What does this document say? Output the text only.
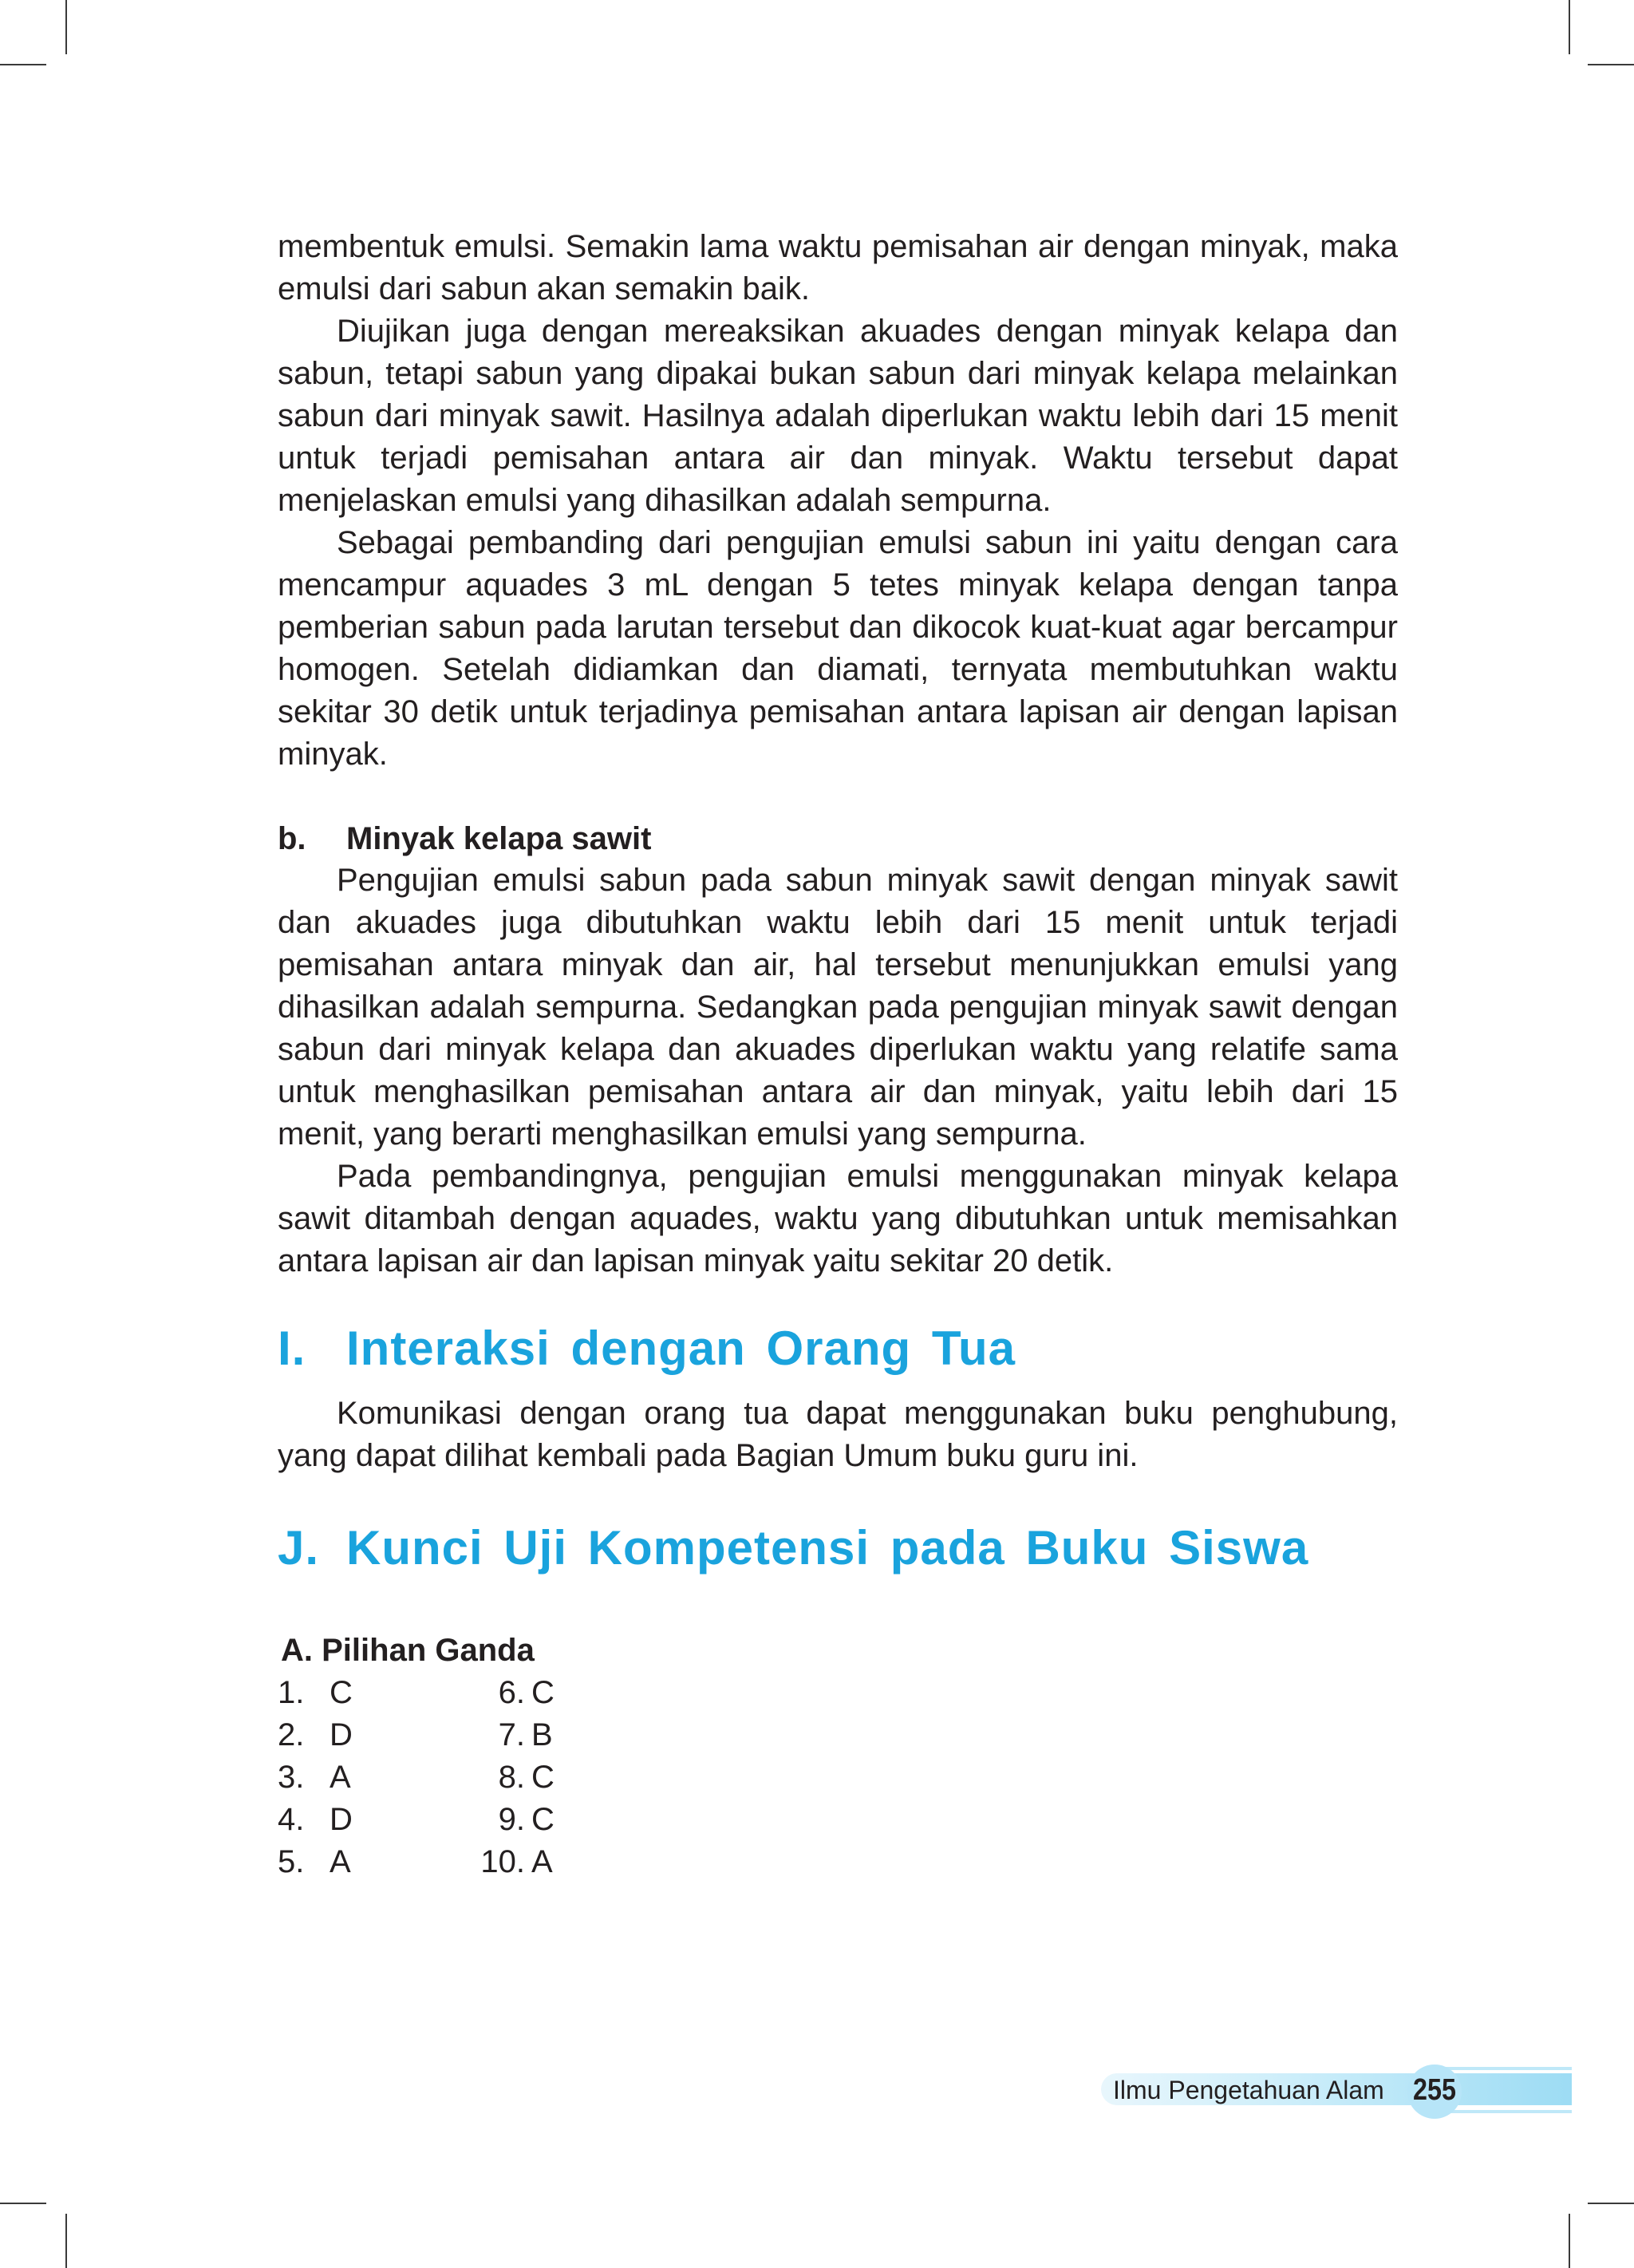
membentuk emulsi. Semakin lama waktu pemisahan air dengan minyak, maka emulsi dari sabun akan semakin baik.

Diujikan juga dengan mereaksikan akuades dengan minyak kelapa dan sabun, tetapi sabun yang dipakai bukan sabun dari minyak kelapa melainkan sabun dari minyak sawit. Hasilnya adalah diperlukan waktu lebih dari 15 menit untuk terjadi pemisahan antara air dan minyak. Waktu tersebut dapat menjelaskan emulsi yang dihasilkan adalah sempurna.

Sebagai pembanding dari pengujian emulsi sabun ini yaitu dengan cara mencampur aquades 3 mL dengan 5 tetes minyak kelapa dengan tanpa pemberian sabun pada larutan tersebut dan dikocok kuat-kuat agar bercampur homogen. Setelah didiamkan dan diamati, ternyata membutuhkan waktu sekitar 30 detik untuk terjadinya pemisahan antara lapisan air dengan lapisan minyak.

b. Minyak kelapa sawit

Pengujian emulsi sabun pada sabun minyak sawit dengan minyak sawit dan akuades juga dibutuhkan waktu lebih dari 15 menit untuk terjadi pemisahan antara minyak dan air, hal tersebut menunjukkan emulsi yang dihasilkan adalah sempurna. Sedangkan pada pengujian minyak sawit dengan sabun dari minyak kelapa dan akuades diperlukan waktu yang relatife sama untuk menghasilkan pemisahan antara air dan minyak, yaitu lebih dari 15 menit, yang berarti menghasilkan emulsi yang sempurna.

Pada pembandingnya, pengujian emulsi menggunakan minyak kelapa sawit ditambah dengan aquades, waktu yang dibutuhkan untuk memisahkan antara lapisan air dan lapisan minyak yaitu sekitar 20 detik.

I. Interaksi dengan Orang Tua

Komunikasi dengan orang tua dapat menggunakan buku penghubung, yang dapat dilihat kembali pada Bagian Umum buku guru ini.

J. Kunci Uji Kompetensi pada Buku Siswa
A. Pilihan Ganda
1. C
2. D
3. A
4. D
5. A
6. C
7. B
8. C
9. C
10. A
Ilmu Pengetahuan Alam 255
